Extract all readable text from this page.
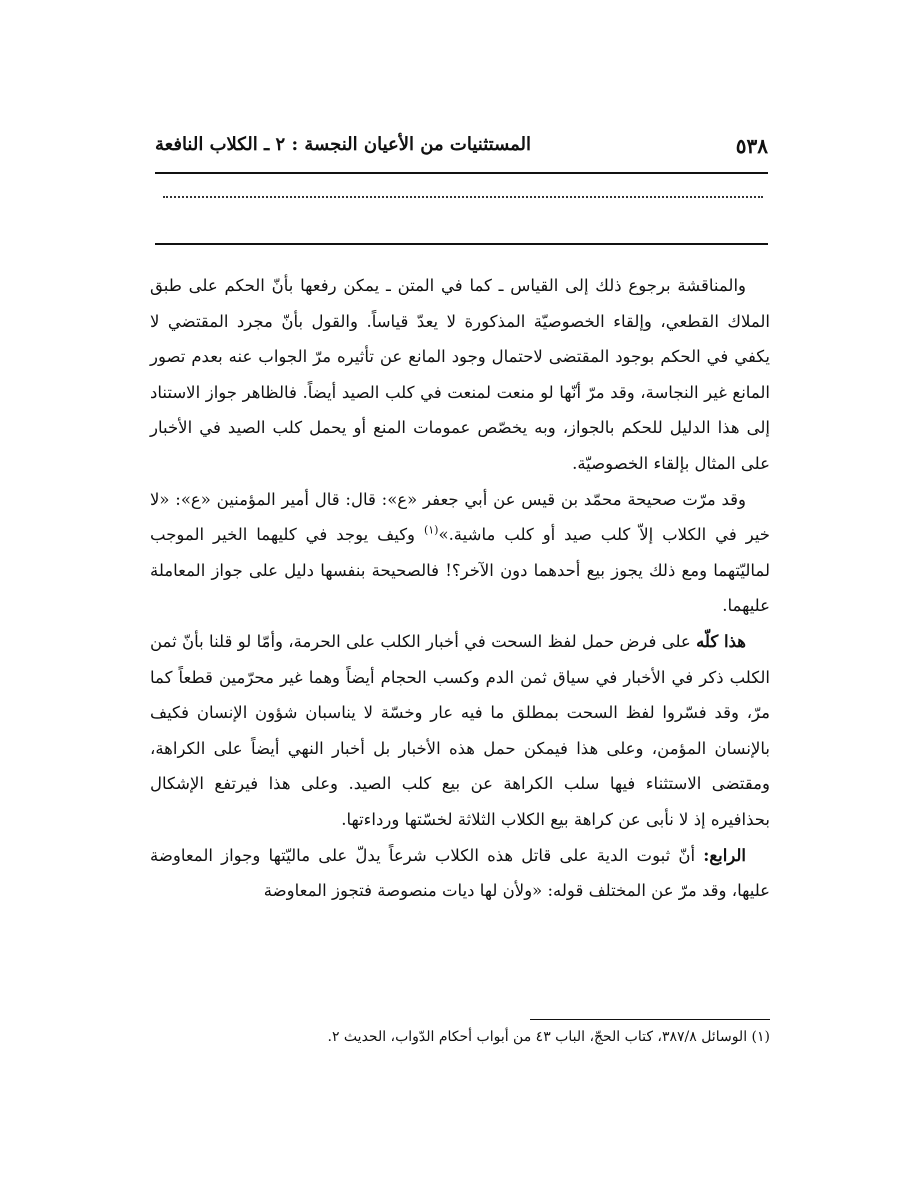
٥٣٨
المستثنيات من الأعيان النجسة : ٢ ـ الكلاب النافعة

والمناقشة برجوع ذلك إلى القياس ـ كما في المتن ـ يمكن رفعها بأنّ الحكم على طبق الملاك القطعي، وإلقاء الخصوصيّة المذكورة لا يعدّ قياساً. والقول بأنّ مجرد المقتضي لا يكفي في الحكم بوجود المقتضى لاحتمال وجود المانع عن تأثيره مرّ الجواب عنه بعدم تصور المانع غير النجاسة، وقد مرّ أنّها لو منعت لمنعت في كلب الصيد أيضاً. فالظاهر جواز الاستناد إلى هذا الدليل للحكم بالجواز، وبه يخصّص عمومات المنع أو يحمل كلب الصيد في الأخبار على المثال بإلقاء الخصوصيّة.

وقد مرّت صحيحة محمّد بن قيس عن أبي جعفر «ع»: قال: قال أمير المؤمنين «ع»: «لا خير في الكلاب إلاّ كلب صيد أو كلب ماشية.»$^{(١)}$ وكيف يوجد في كليهما الخير الموجب لماليّتهما ومع ذلك يجوز بيع أحدهما دون الآخر؟! فالصحيحة بنفسها دليل على جواز المعاملة عليهما.

هذا كلّه على فرض حمل لفظ السحت في أخبار الكلب على الحرمة، وأمّا لو قلنا بأنّ ثمن الكلب ذكر في الأخبار في سياق ثمن الدم وكسب الحجام أيضاً وهما غير محرّمين قطعاً كما مرّ، وقد فسّروا لفظ السحت بمطلق ما فيه عار وخسّة لا يناسبان شؤون الإنسان فكيف بالإنسان المؤمن، وعلى هذا فيمكن حمل هذه الأخبار بل أخبار النهي أيضاً على الكراهة، ومقتضى الاستثناء فيها سلب الكراهة عن بيع كلب الصيد. وعلى هذا فيرتفع الإشكال بحذافيره إذ لا نأبى عن كراهة بيع الكلاب الثلاثة لخسّتها ورداءتها.

الرابع: أنّ ثبوت الدية على قاتل هذه الكلاب شرعاً يدلّ على ماليّتها وجواز المعاوضة عليها، وقد مرّ عن المختلف قوله: «ولأن لها ديات منصوصة فتجوز المعاوضة

(١) الوسائل ٣٨٧/٨، كتاب الحجّ، الباب ٤٣ من أبواب أحكام الدّواب، الحديث ٢.
